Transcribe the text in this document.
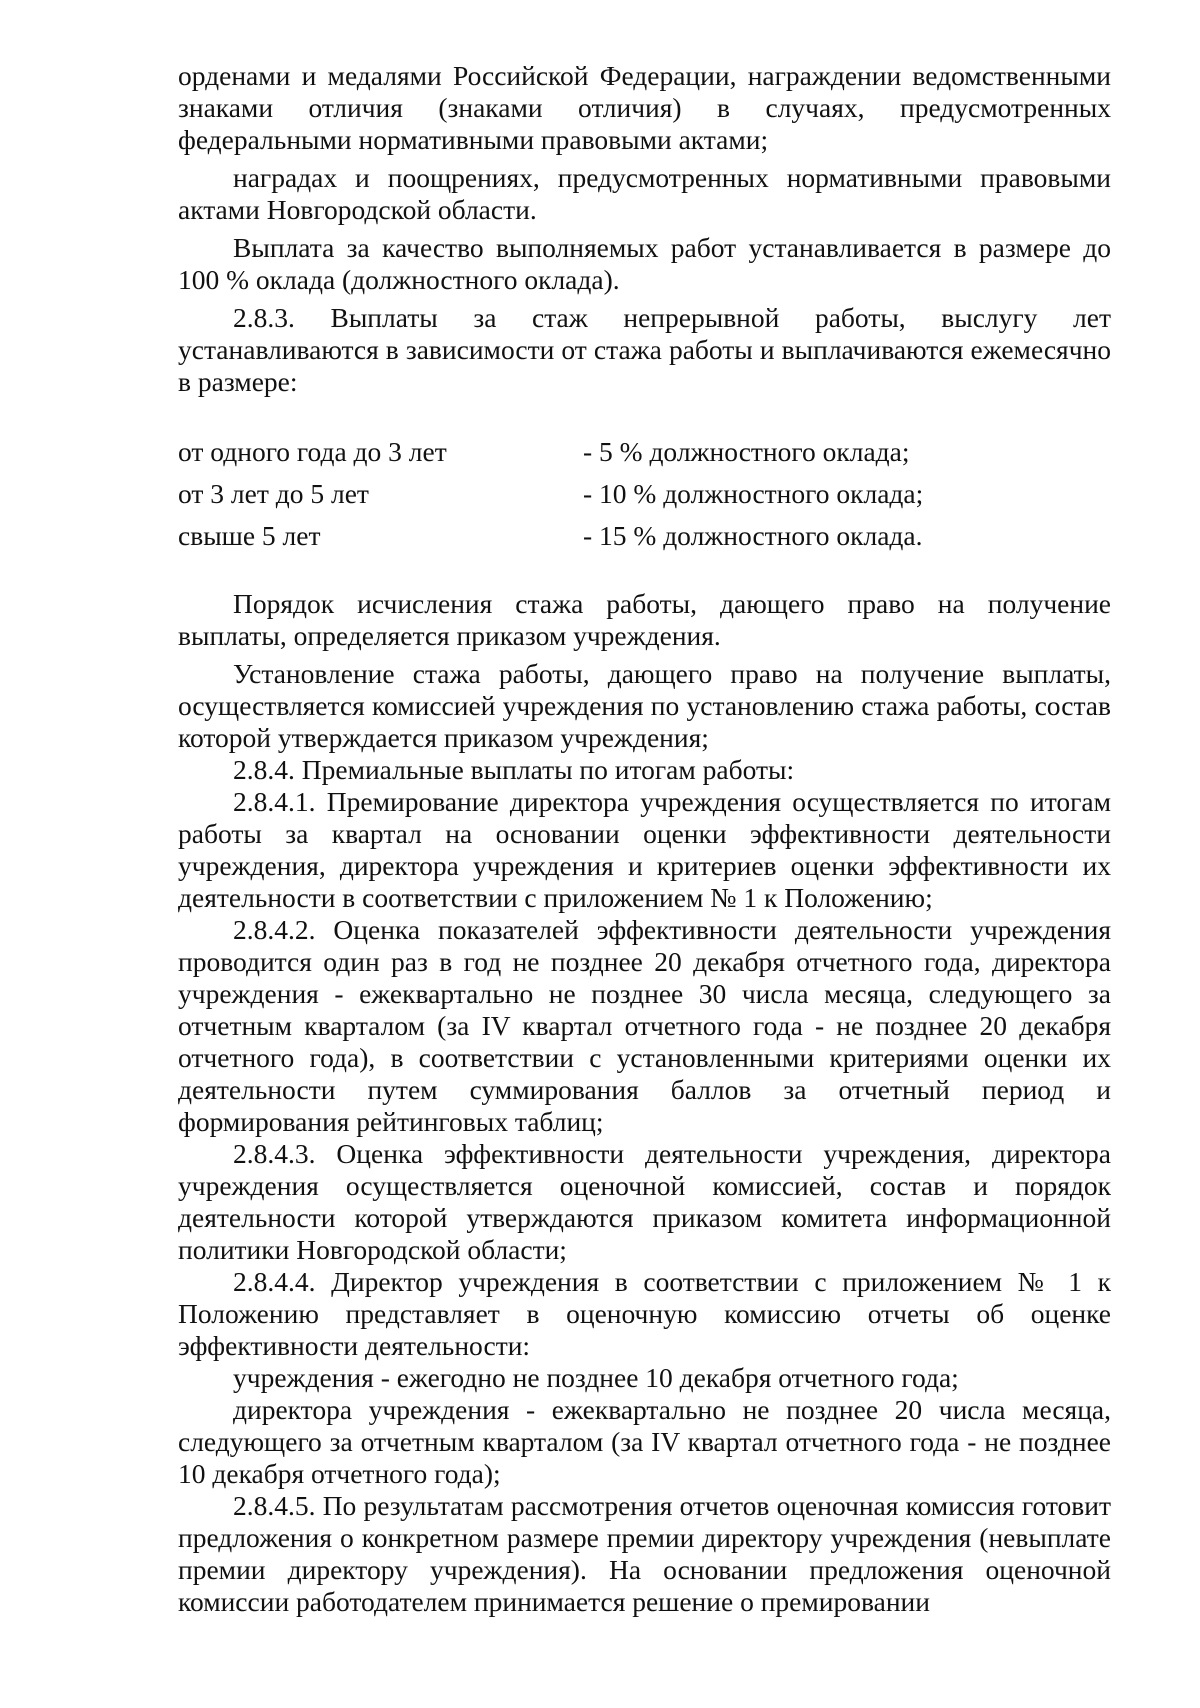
орденами и медалями Российской Федерации, награждении ведомственными знаками отличия (знаками отличия) в случаях, предусмотренных федеральными нормативными правовыми актами;

наградах и поощрениях, предусмотренных нормативными правовыми актами Новгородской области.

Выплата за качество выполняемых работ устанавливается в размере до 100 % оклада (должностного оклада).

2.8.3. Выплаты за стаж непрерывной работы, выслугу лет устанавливаются в зависимости от стажа работы и выплачиваются ежемесячно в размере:

от одного года до 3 лет	- 5 % должностного оклада;
от 3 лет до 5 лет	- 10 % должностного оклада;
свыше 5 лет	- 15 % должностного оклада.

Порядок исчисления стажа работы, дающего право на получение выплаты, определяется приказом учреждения.

Установление стажа работы, дающего право на получение выплаты, осуществляется комиссией учреждения по установлению стажа работы, состав которой утверждается приказом учреждения;

2.8.4. Премиальные выплаты по итогам работы:

2.8.4.1. Премирование директора учреждения осуществляется по итогам работы за квартал на основании оценки эффективности деятельности учреждения, директора учреждения и критериев оценки эффективности их деятельности в соответствии с приложением № 1 к Положению;

2.8.4.2. Оценка показателей эффективности деятельности учреждения проводится один раз в год не позднее 20 декабря отчетного года, директора учреждения - ежеквартально не позднее 30 числа месяца, следующего за отчетным кварталом (за IV квартал отчетного года - не позднее 20 декабря отчетного года), в соответствии с установленными критериями оценки их деятельности путем суммирования баллов за отчетный период и формирования рейтинговых таблиц;

2.8.4.3. Оценка эффективности деятельности учреждения, директора учреждения осуществляется оценочной комиссией, состав и порядок деятельности которой утверждаются приказом комитета информационной политики Новгородской области;

2.8.4.4. Директор учреждения в соответствии с приложением № 1 к Положению представляет в оценочную комиссию отчеты об оценке эффективности деятельности:

учреждения - ежегодно не позднее 10 декабря отчетного года;

директора учреждения - ежеквартально не позднее 20 числа месяца, следующего за отчетным кварталом (за IV квартал отчетного года - не позднее 10 декабря отчетного года);

2.8.4.5. По результатам рассмотрения отчетов оценочная комиссия готовит предложения о конкретном размере премии директору учреждения (невыплате премии директору учреждения). На основании предложения оценочной комиссии работодателем принимается решение о премировании
